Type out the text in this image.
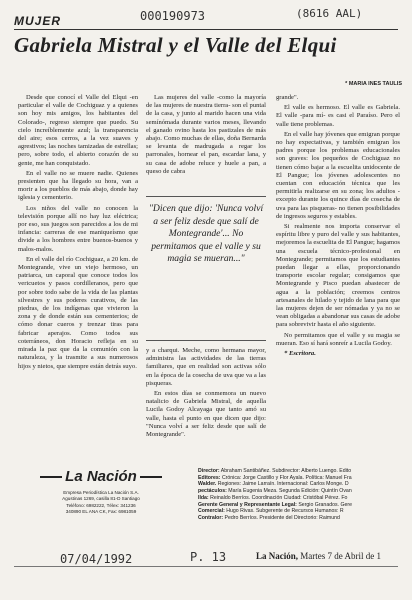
MUJER	000190973	(8616 AAL)
Gabriela Mistral y el Valle del Elqui
* MARIA INES TAULIS

Desde que conocí el Valle del Elqui -en particular el valle de Cochiguaz y a quienes son hoy mis amigos, los habitantes del Colorado-, regreso siempre que puedo. Su cielo increíblemente azul; la transparencia del aire; esos cerros, a la vez suaves y agrestivos; las noches tamizadas de estrellas; pero, sobre todo, el abierto corazón de su gente, me han conquistado.

En el valle no se muere nadie. Quienes presienten que ha llegado su hora, van a morir a los pueblos de más abajo, donde hay iglesia y cementerio.

Los niños del valle no conocen la televisión porque allí no hay luz eléctrica; por eso, sus juegos son parecidos a los de mi infancia: carreras de ese maniqueísmo que divide a los hombres entre buenos-buenos y malos-malos.

En el valle del río Cochiguaz, a 20 km. de Montegrande, vive un viejo hermoso, un patriarca, un caporal que conoce todos los vericuetos y pasos cordilleranos, pero que por sobre todo sabe de la vida de las plantas silvestres y sus poderes curativos, de las piedras, de los indígenas que vivieron la zona y de donde están sus cementerios; de cómo donar cueros y trenzar tiras para fabricar aperajos. Como todos sus coterráneos, don Horacio refleja en su mirada la paz que da la comunión con la naturaleza, y la trasmite a sus numerosos hijos y nietos, que siempre están detrás suyo.

Las mujeres del valle -como la mayoría de las mujeres de nuestra tierra- son el puntal de la casa, y junto al marido hacen una vida semínómada durante varios meses, llevando el ganado ovino hasta los pastizales de más abajo. Como muchas de ellas, doña Bernarda se levanta de madrugada a regar los parronales, hornear el pan, escardar lana, y su casa de adobe reluce y huele a pan, a queso de cabra

"Dicen que dijo: 'Nunca volví a ser feliz desde que salí de Montegrande'... No permitamos que el valle y su magia se mueran..."

y a charqui. Meche, como hermana mayor, administra las actividades de las tierras familiares, que en realidad son activas sólo en la época de la cosecha de uva que va a las pisqueras.

En estos días se conmemora un nuevo natalicio de Gabriela Mistral, de aquella Lucila Godoy Alcayaga que tanto amó su valle, hasta el punto en que dicen que dijo: "Nunca volví a ser feliz desde que salí de Montegrande".

grande".

El valle es hermoso. El valle es Gabriela. El valle -para mí- es casi el Paraíso. Pero el valle tiene problemas.

En el valle hay jóvenes que emigran porque no hay expectativas, y también emigran los padres porque los problemas educacionales son graves: los pequeños de Cochiguaz no tienen cómo bajar a la escuelita unidocente de El Pangue; los jóvenes adolescentes no cuentan con educación técnica que les permitirla realizarse en su zona; los adultos -excepto durante los quince días de cosecha de uva para las pisqueras- no tienen posibilidades de ingresos seguros y estables.

Si realmente nos importa conservar el espíritu libre y puro del valle y sus habitantes, mejoremos la escuelita de El Pangue; hagamos una escuela técnico-profesional en Montegrande; permitamos que los estudiantes puedan llegar a ellas, proporcionando transporte escolar regular; consigamos que Montegrande y Pisco puedan abastecer de agua a la población; creemos centros artesanales de hilado y tejido de lana para que las mujeres dejen de ser nómadas y ya no se vean obligadas a abandonar sus casas de adobe para sobrevivir hasta el año siguiente.

No permitamos que el valle y su magia se mueran. Eso sí hará sonreír a Lucila Godoy.

* Escritora.

La Nación
Empresa Periodística La Nación S.A.
Agustinas 1269, casilla 81-D Santiago
Teléfono: 6982222, Télex: 341236
340890 EL ANA CK, Fax: 6981059
Director: Abraham Santibáñez. Subdirector: Alberto Luengo. Edito
Editores: Crónica: Jorge Castillo y Flor Ayala. Política: Manuel Fra
Walder. Regiones: Jaime Larraín. Internacional: Carlos Monge. D
pectáculos: María Eugenia Meza. Segunda Edición: Quintín Ovan
Ilda: Reinaldo Berríos. Coordinación Ciudad: Cristóbal Pérez. Fo
Gerente General y Representante Legal: Sergio Granados. Gere
Comercial: Hugo Rivas. Subgerente de Recursos Humanos: R
Contralor: Pedro Berríos. Presidente del Directorio: Raimund
07/04/1992	P. 13	La Nación, Martes 7 de Abril de 1
